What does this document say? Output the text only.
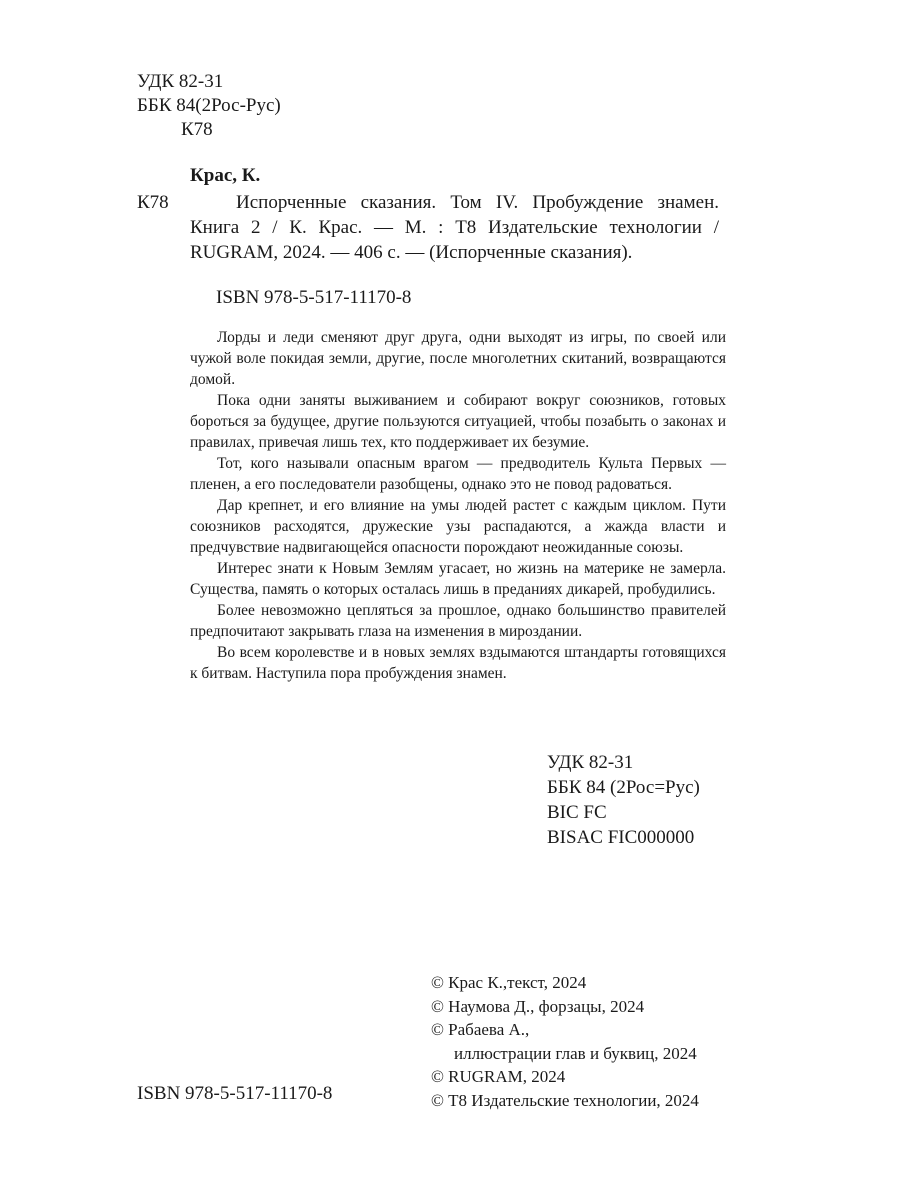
УДК 82-31
ББК 84(2Рос-Рус)
К78
Крас, К.
К78	Испорченные сказания. Том IV. Пробуждение знамен. Книга 2 / К. Крас. — М. : Т8 Издательские технологии / RUGRAM, 2024. — 406 с. — (Испорченные сказания).

ISBN 978-5-517-11170-8

Лорды и леди сменяют друг друга, одни выходят из игры, по своей или чужой воле покидая земли, другие, после многолетних скитаний, возвращаются домой.

Пока одни заняты выживанием и собирают вокруг союзников, готовых бороться за будущее, другие пользуются ситуацией, чтобы позабыть о законах и правилах, привечая лишь тех, кто поддерживает их безумие.

Тот, кого называли опасным врагом — предводитель Культа Первых — пленен, а его последователи разобщены, однако это не повод радоваться.

Дар крепнет, и его влияние на умы людей растет с каждым циклом. Пути союзников расходятся, дружеские узы распадаются, а жажда власти и предчувствие надвигающейся опасности порождают неожиданные союзы.

Интерес знати к Новым Землям угасает, но жизнь на материке не замерла. Существа, память о которых осталась лишь в преданиях дикарей, пробудились.

Более невозможно цепляться за прошлое, однако большинство правителей предпочитают закрывать глаза на изменения в мироздании.

Во всем королевстве и в новых землях вздымаются штандарты готовящихся к битвам. Наступила пора пробуждения знамен.

УДК 82-31
ББК 84 (2Рос=Рус)
BIC FC
BISAC FIC000000
© Крас К.,текст, 2024
© Наумова Д., форзацы, 2024
© Рабаева А.,
иллюстрации глав и буквиц, 2024
© RUGRAM, 2024
© Т8 Издательские технологии, 2024
ISBN 978-5-517-11170-8
